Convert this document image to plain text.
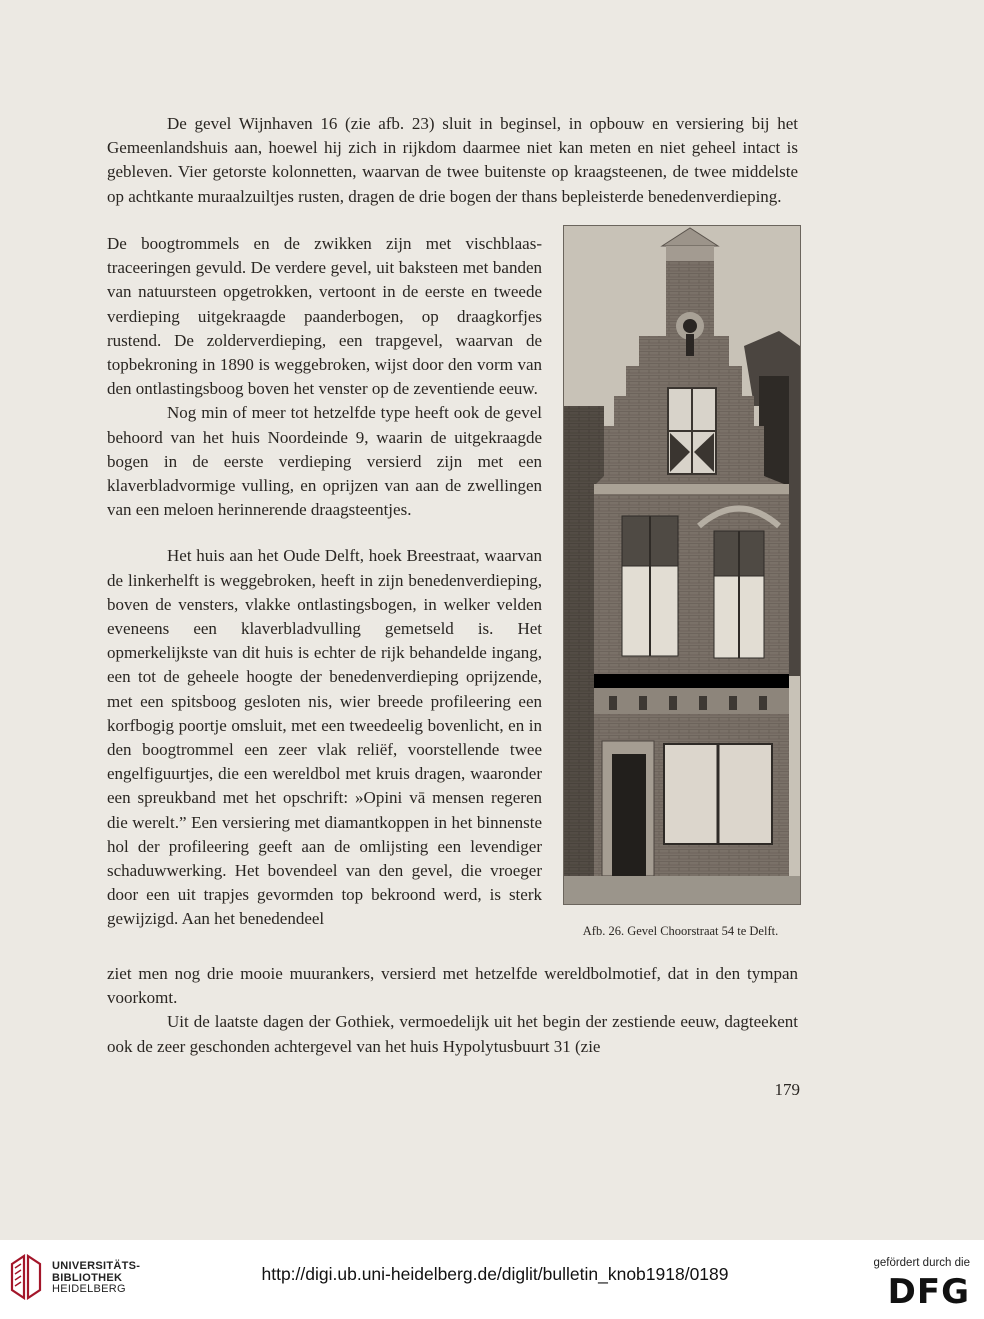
De gevel Wijnhaven 16 (zie afb. 23) sluit in beginsel, in opbouw en versiering bij het Gemeenlandshuis aan, hoewel hij zich in rijkdom daarmee niet kan meten en niet geheel intact is gebleven. Vier getorste kolonnetten, waarvan de twee buitenste op kraagsteenen, de twee middelste op achtkante muraalzuiltjes rusten, dragen de drie bogen der thans bepleisterde benedenverdieping.

De boogtrommels en de zwikken zijn met vischblaas-traceeringen gevuld. De verdere gevel, uit baksteen met banden van natuursteen opgetrokken, vertoont in de eerste en tweede verdieping uitgekraagde paanderbogen, op draagkorfjes rustend. De zolderverdieping, een trapgevel, waarvan de topbekroning in 1890 is weggebroken, wijst door den vorm van den ontlastingsboog boven het venster op de zeventiende eeuw.

Nog min of meer tot hetzelfde type heeft ook de gevel behoord van het huis Noordeinde 9, waarin de uitgekraagde bogen in de eerste verdieping versierd zijn met een klaverbladvormige vulling, en oprijzen van aan de zwellingen van een meloen herinnerende draagsteentjes.

Het huis aan het Oude Delft, hoek Breestraat, waarvan de linkerhelft is weggebroken, heeft in zijn benedenverdieping, boven de vensters, vlakke ontlastingsbogen, in welker velden eveneens een klaverbladvulling gemetseld is. Het opmerkelijkste van dit huis is echter de rijk behandelde ingang, een tot de geheele hoogte der benedenverdieping oprijzende, met een spitsboog gesloten nis, wier breede profileering een korfbogig poortje omsluit, met een tweedeelig bovenlicht, en in den boogtrommel een zeer vlak reliëf, voorstellende twee engelfiguurtjes, die een wereldbol met kruis dragen, waaronder een spreukband met het opschrift: »Opini vā mensen regeren die werelt.” Een versiering met diamantkoppen in het binnenste hol der profileering geeft aan de omlijsting een levendiger schaduwwerking. Het bovendeel van den gevel, die vroeger door een uit trapjes gevormden top bekroond werd, is sterk gewijzigd. Aan het benedendeel

Afb. 26. Gevel Choorstraat 54 te Delft.

ziet men nog drie mooie muurankers, versierd met hetzelfde wereldbolmotief, dat in den tympan voorkomt.

Uit de laatste dagen der Gothiek, vermoedelijk uit het begin der zestiende eeuw, dagteekent ook de zeer geschonden achtergevel van het huis Hypolytusbuurt 31 (zie

179
UNIVERSITÄTS-
BIBLIOTHEK
HEIDELBERG
http://digi.ub.uni-heidelberg.de/diglit/bulletin_knob1918/0189
gefördert durch die
DFG
